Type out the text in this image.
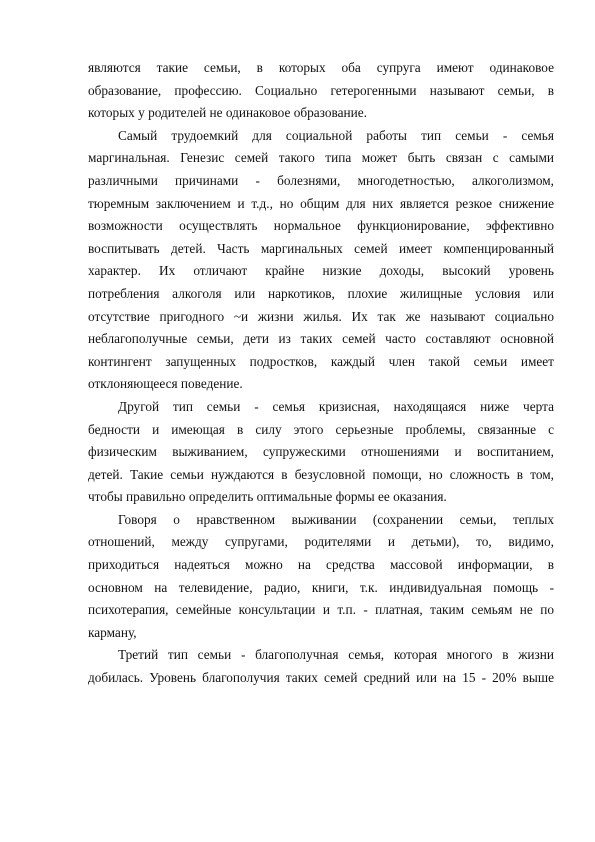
являются такие семьи, в которых оба супруга имеют одинаковое
образование, профессию. Социально гетерогенными называют семьи, в
которых у родителей не одинаковое образование.
Самый трудоемкий для социальной работы тип семьи - семья
маргинальная. Генезис семей такого типа может быть связан с самыми
различными причинами - болезнями, многодетностью, алкоголизмом,
тюремным заключением и т.д., но общим для них является резкое снижение
возможности осуществлять нормальное функционирование, эффективно
воспитывать детей. Часть маргинальных семей имеет компенцированный
характер. Их отличают крайне низкие доходы, высокий уровень
потребления алкоголя или наркотиков, плохие жилищные условия или
отсутствие пригодного ~и жизни жилья. Их так же называют социально
неблагополучные семьи, дети из таких семей часто составляют основной
контингент запущенных подростков, каждый член такой семьи имеет
отклоняющееся поведение.
Другой тип семьи - семья кризисная, находящаяся ниже черта
бедности и имеющая в силу этого серьезные проблемы, связанные с
физическим выживанием, супружескими отношениями и воспитанием,
детей. Такие семьи нуждаются в безусловной помощи, но сложность в том,
чтобы правильно определить оптимальные формы ее оказания.
Говоря о нравственном выживании (сохранении семьи, теплых
отношений, между супругами, родителями и детьми), то, видимо,
приходиться надеяться можно на средства массовой информации, в
основном на телевидение, радио, книги, т.к. индивидуальная помощь -
психотерапия, семейные консультации и т.п. - платная, таким семьям не по
карману,
Третий тип семьи - благополучная семья, которая многого в жизни
добилась. Уровень благополучия таких семей средний или на 15 - 20% выше
